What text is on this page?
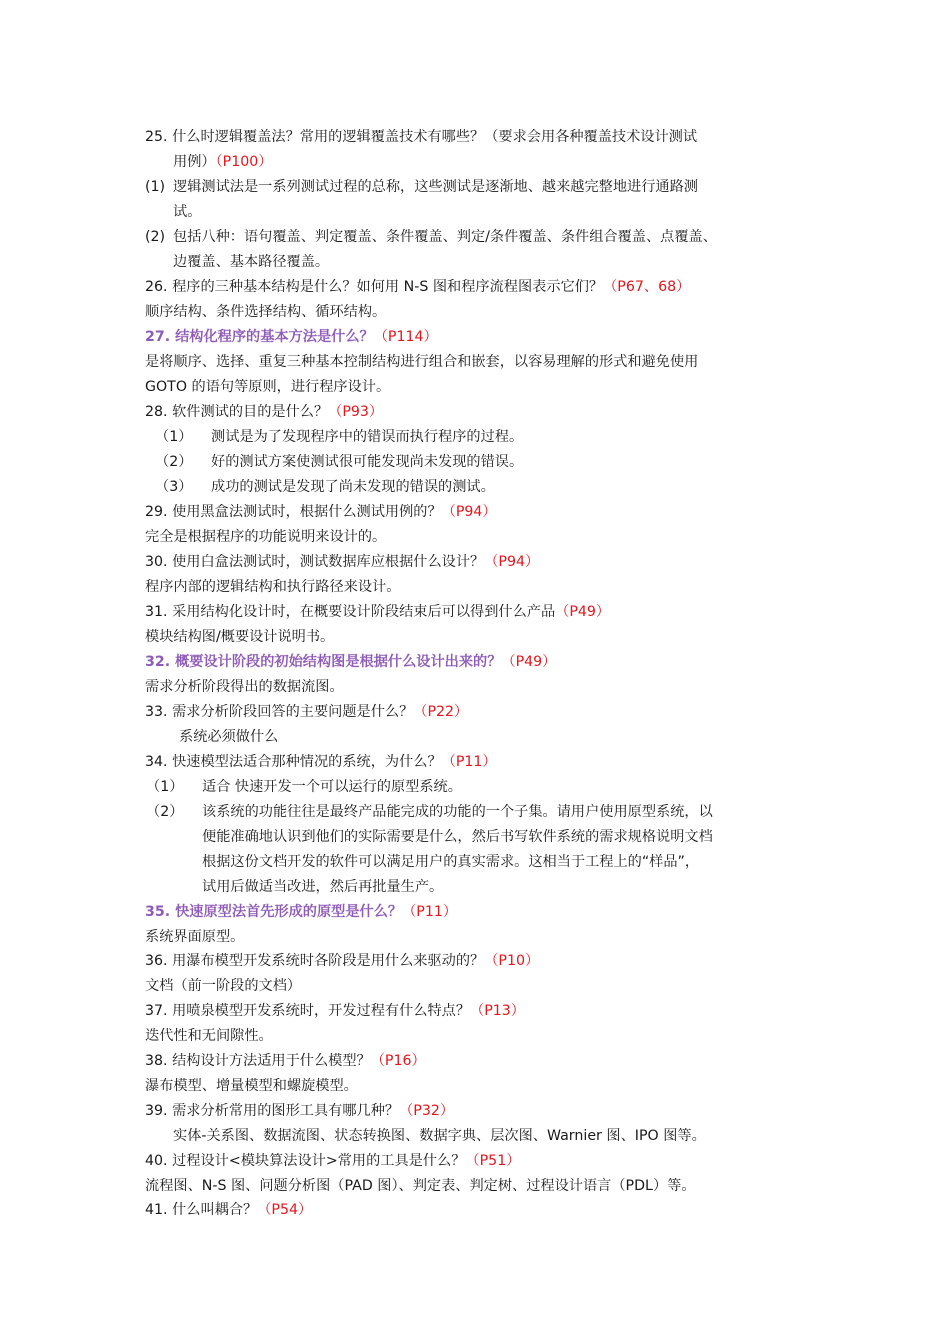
25. 什么时逻辑覆盖法？常用的逻辑覆盖技术有哪些？（要求会用各种覆盖技术设计测试
用例）（P100）
(1) 逻辑测试法是一系列测试过程的总称，这些测试是逐渐地、越来越完整地进行通路测
试。
(2) 包括八种：语句覆盖、判定覆盖、条件覆盖、判定/条件覆盖、条件组合覆盖、点覆盖、
边覆盖、基本路径覆盖。
26. 程序的三种基本结构是什么？如何用 N-S 图和程序流程图表示它们？（P67、68）
顺序结构、条件选择结构、循环结构。
27. 结构化程序的基本方法是什么？（P114）
是将顺序、选择、重复三种基本控制结构进行组合和嵌套，以容易理解的形式和避免使用
GOTO 的语句等原则，进行程序设计。
28. 软件测试的目的是什么？（P93）
（1） 测试是为了发现程序中的错误而执行程序的过程。
（2） 好的测试方案使测试很可能发现尚未发现的错误。
（3） 成功的测试是发现了尚未发现的错误的测试。
29. 使用黑盒法测试时，根据什么测试用例的？（P94）
完全是根据程序的功能说明来设计的。
30. 使用白盒法测试时，测试数据库应根据什么设计？（P94）
程序内部的逻辑结构和执行路径来设计。
31. 采用结构化设计时，在概要设计阶段结束后可以得到什么产品（P49）
模块结构图/概要设计说明书。
32. 概要设计阶段的初始结构图是根据什么设计出来的？（P49）
需求分析阶段得出的数据流图。
33. 需求分析阶段回答的主要问题是什么？（P22）
系统必须做什么
34. 快速模型法适合那种情况的系统，为什么？（P11）
（1） 适合 快速开发一个可以运行的原型系统。
（2） 该系统的功能往往是最终产品能完成的功能的一个子集。请用户使用原型系统，以
便能准确地认识到他们的实际需要是什么，然后书写软件系统的需求规格说明文档
根据这份文档开发的软件可以满足用户的真实需求。这相当于工程上的“样品”，
试用后做适当改进，然后再批量生产。
35. 快速原型法首先形成的原型是什么？（P11）
系统界面原型。
36. 用瀑布模型开发系统时各阶段是用什么来驱动的？（P10）
文档（前一阶段的文档）
37. 用喷泉模型开发系统时，开发过程有什么特点？（P13）
迭代性和无间隙性。
38. 结构设计方法适用于什么模型？（P16）
瀑布模型、增量模型和螺旋模型。
39. 需求分析常用的图形工具有哪几种？（P32）
实体-关系图、数据流图、状态转换图、数据字典、层次图、Warnier 图、IPO 图等。
40. 过程设计<模块算法设计>常用的工具是什么？（P51）
流程图、N-S 图、问题分析图（PAD 图）、判定表、判定树、过程设计语言（PDL）等。
41. 什么叫耦合？（P54）
